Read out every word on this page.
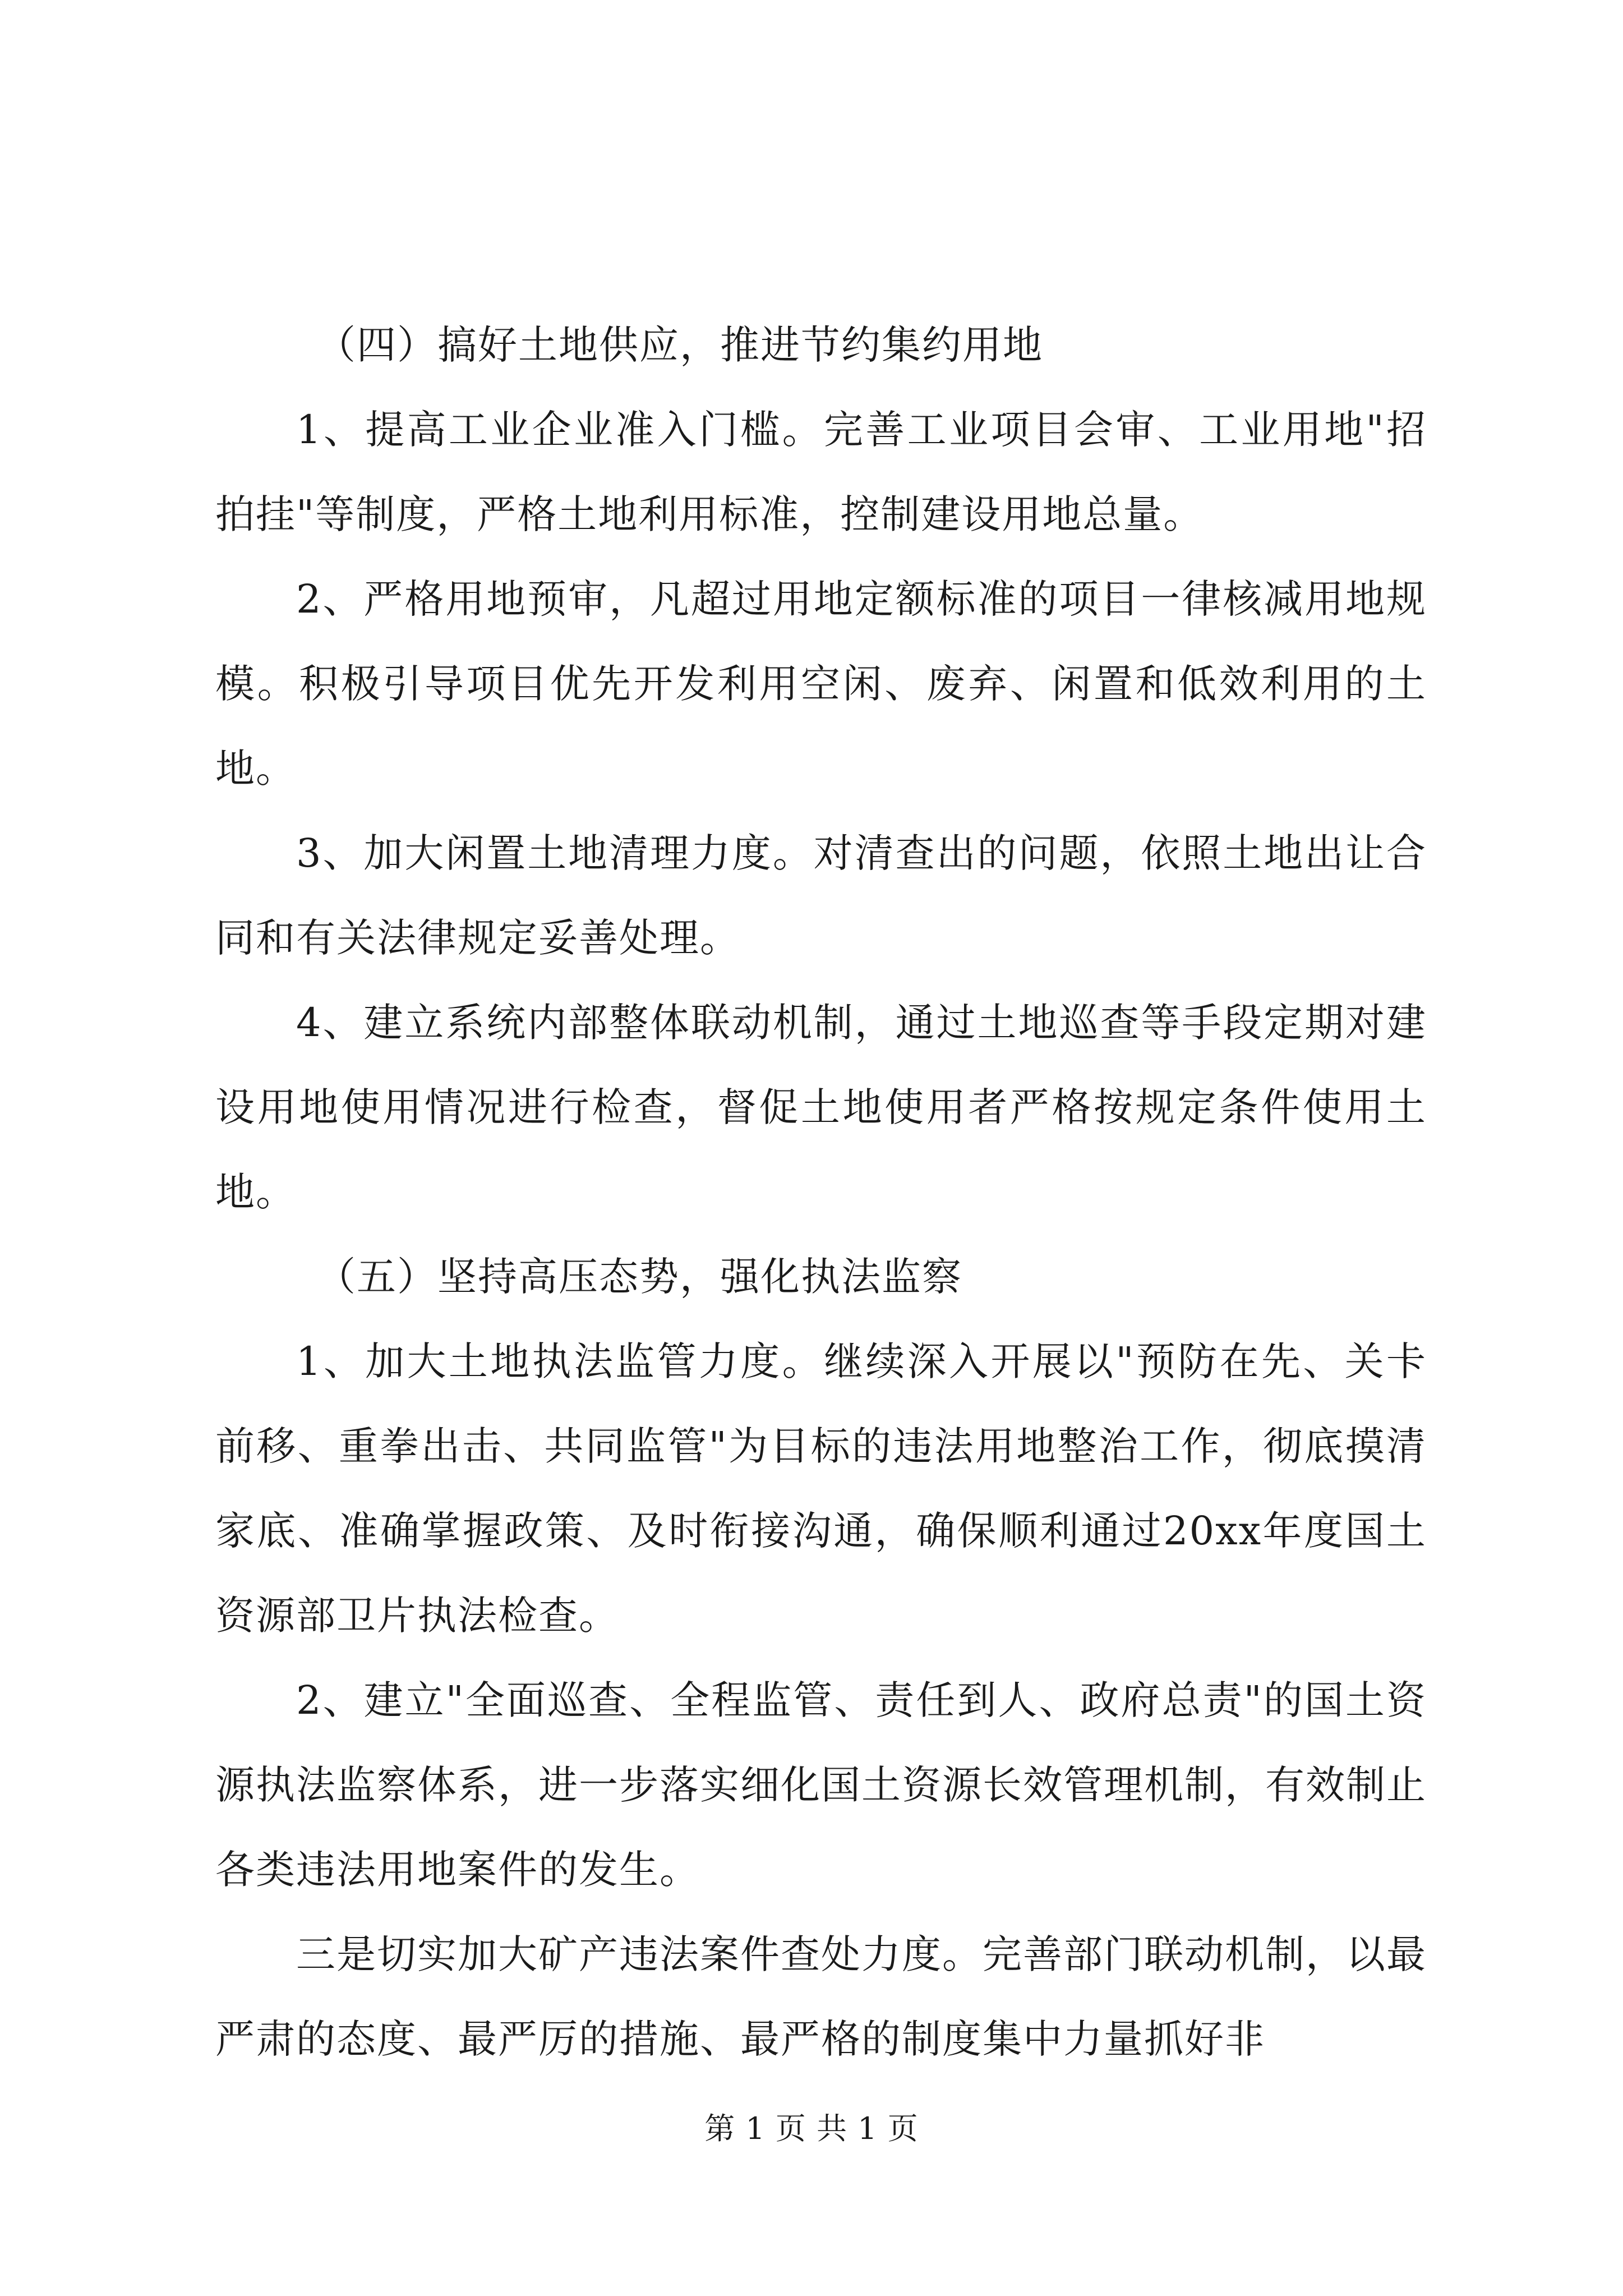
（四）搞好土地供应，推进节约集约用地

1、提高工业企业准入门槛。完善工业项目会审、工业用地"招拍挂"等制度，严格土地利用标准，控制建设用地总量。

2、严格用地预审，凡超过用地定额标准的项目一律核减用地规模。积极引导项目优先开发利用空闲、废弃、闲置和低效利用的土地。

3、加大闲置土地清理力度。对清查出的问题，依照土地出让合同和有关法律规定妥善处理。

4、建立系统内部整体联动机制，通过土地巡查等手段定期对建设用地使用情况进行检查，督促土地使用者严格按规定条件使用土地。

（五）坚持高压态势，强化执法监察

1、加大土地执法监管力度。继续深入开展以"预防在先、关卡前移、重拳出击、共同监管"为目标的违法用地整治工作，彻底摸清家底、准确掌握政策、及时衔接沟通，确保顺利通过20xx年度国土资源部卫片执法检查。

2、建立"全面巡查、全程监管、责任到人、政府总责"的国土资源执法监察体系，进一步落实细化国土资源长效管理机制，有效制止各类违法用地案件的发生。

三是切实加大矿产违法案件查处力度。完善部门联动机制，以最严肃的态度、最严厉的措施、最严格的制度集中力量抓好非

第 1 页 共 1 页
